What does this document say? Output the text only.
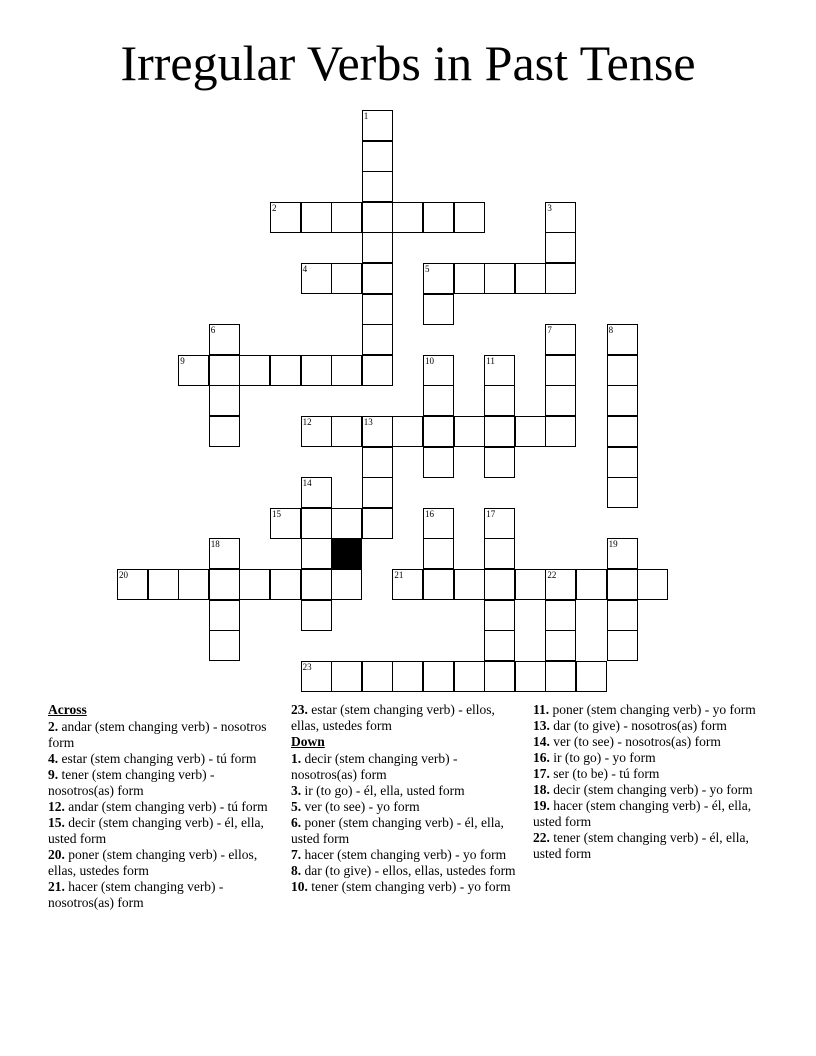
Irregular Verbs in Past Tense
1
2	3
4	5
6	7	8
9	10	11
12	13
14
15	16	17
18	19
20	21	22
23
Across
2. andar (stem changing verb) - nosotros form
4. estar (stem changing verb) - tú form
9. tener (stem changing verb) - nosotros(as) form
12. andar (stem changing verb) - tú form
15. decir (stem changing verb) - él, ella, usted form
20. poner (stem changing verb) - ellos, ellas, ustedes form
21. hacer (stem changing verb) - nosotros(as) form
23. estar (stem changing verb) - ellos, ellas, ustedes form
Down
1. decir (stem changing verb) - nosotros(as) form
3. ir (to go) - él, ella, usted form
5. ver (to see) - yo form
6. poner (stem changing verb) - él, ella, usted form
7. hacer (stem changing verb) - yo form
8. dar (to give) - ellos, ellas, ustedes form
10. tener (stem changing verb) - yo form
11. poner (stem changing verb) - yo form
13. dar (to give) - nosotros(as) form
14. ver (to see) - nosotros(as) form
16. ir (to go) - yo form
17. ser (to be) - tú form
18. decir (stem changing verb) - yo form
19. hacer (stem changing verb) - él, ella, usted form
22. tener (stem changing verb) - él, ella, usted form
